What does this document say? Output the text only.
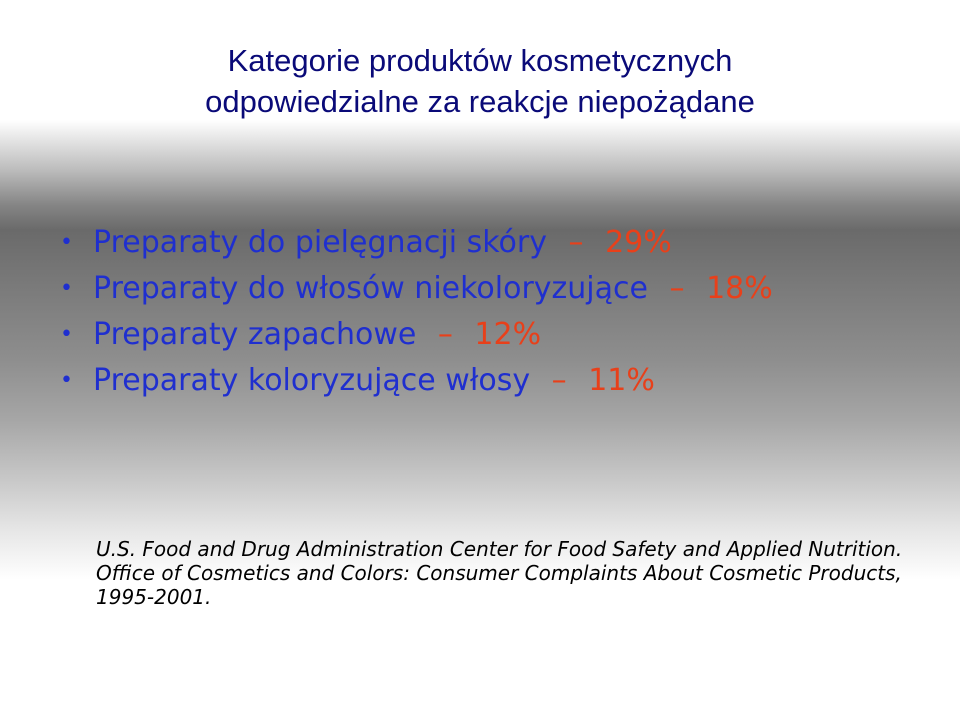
Kategorie produktów kosmetycznych
odpowiedzialne za reakcje niepożądane
• Preparaty do pielęgnacji skóry – 29%
• Preparaty do włosów niekoloryzujące – 18%
• Preparaty zapachowe – 12%
• Preparaty koloryzujące włosy – 11%
U.S. Food and Drug Administration Center for Food Safety and Applied Nutrition. Office of Cosmetics and Colors: Consumer Complaints About Cosmetic Products, 1995-2001.
